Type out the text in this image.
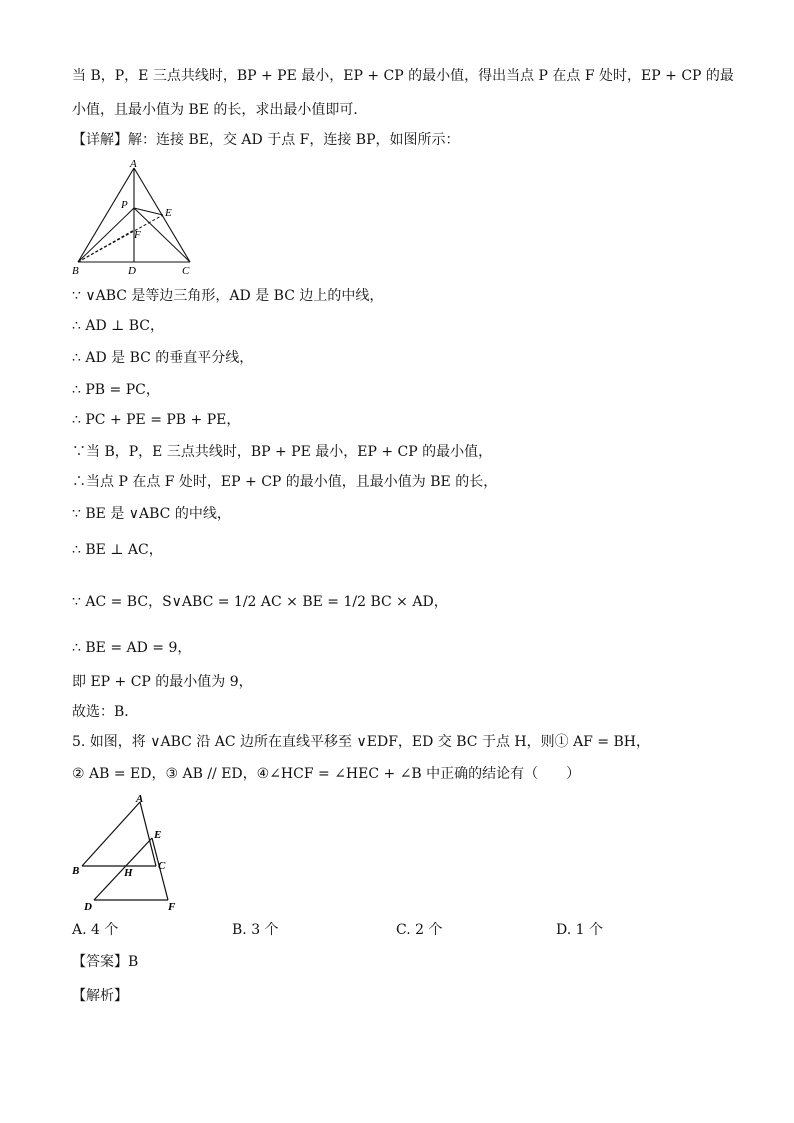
当 B，P，E 三点共线时，BP + PE 最小，EP + CP 的最小值，得出当点 P 在点 F 处时，EP + CP 的最
小值，且最小值为 BE 的长，求出最小值即可．
【详解】解：连接 BE，交 AD 于点 F，连接 BP，如图所示：
A
P
E
F
B	D	C
∵ ∨ABC 是等边三角形，AD 是 BC 边上的中线，
∴ AD ⊥ BC，
∴ AD 是 BC 的垂直平分线，
∴ PB = PC，
∴ PC + PE = PB + PE，
∵当 B，P，E 三点共线时，BP + PE 最小，EP + CP 的最小值，
∴当点 P 在点 F 处时，EP + CP 的最小值，且最小值为 BE 的长，
∵ BE 是 ∨ABC 的中线，
∴ BE ⊥ AC，
∵ AC = BC，S∨ABC = 1/2 AC × BE = 1/2 BC × AD，
∴ BE = AD = 9，
即 EP + CP 的最小值为 9，
故选：B．
5. 如图，将 ∨ABC 沿 AC 边所在直线平移至 ∨EDF，ED 交 BC 于点 H，则① AF = BH，
② AB = ED，③ AB // ED，④∠HCF = ∠HEC + ∠B 中正确的结论有（　　）
A
E
B	C
H
D	F
A. 4 个	B. 3 个	C. 2 个	D. 1 个
【答案】B
【解析】
